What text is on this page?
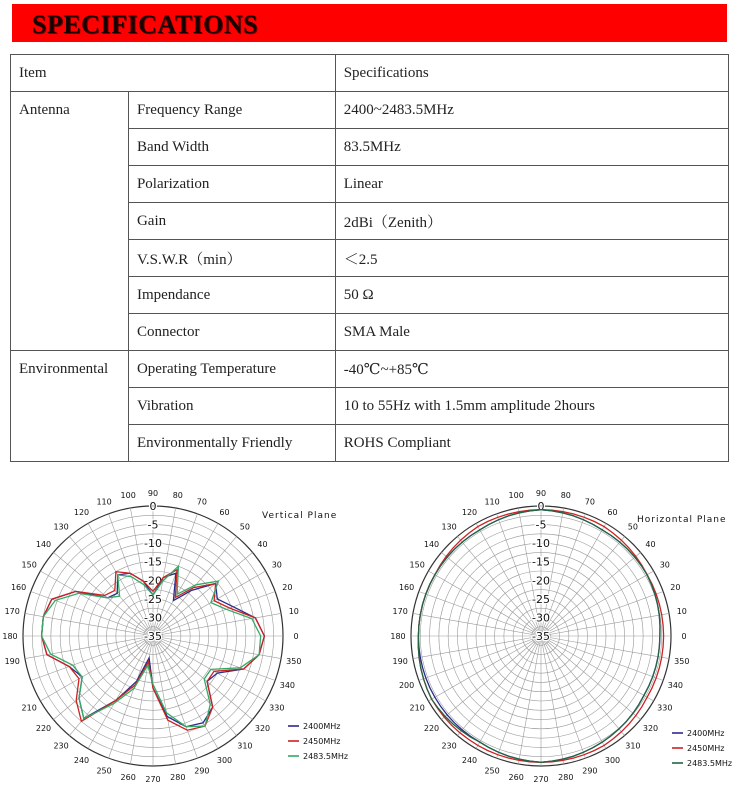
SPECIFICATIONS
Item		Specifications
Antenna	Frequency Range	2400~2483.5MHz
	Band Width	83.5MHz
	Polarization	Linear
	Gain	2dBi（Zenith）
	V.S.W.R（min）	＜2.5
	Impendance	50 Ω
	Connector	SMA Male
Environmental	Operating Temperature	-40℃~+85℃
	Vibration	10 to 55Hz with 1.5mm amplitude 2hours
	Environmentally Friendly	ROHS Compliant
0
10
20
30
40
50
60
70
80
90
100
110
120
130
140
150
160
170
180
190
210
220
230
240
250
260 270 280
290
300
310
320
330
340
350
0
-5
-10
-15
-20
-25
-30
-35
Vertical Plane
2400MHz
2450MHz
2483.5MHz
0
10
20
30
40
50
60
70
80
90
100
110
120
130
140
150
160
170
180
190
200
210
220
230
240
250
260 270 280
290
300
310
320
330
340
350
0
-5
-10
-15
-20
-25
-30
-35
Horizontal Plane
2400MHz
2450MHz
2483.5MHz
